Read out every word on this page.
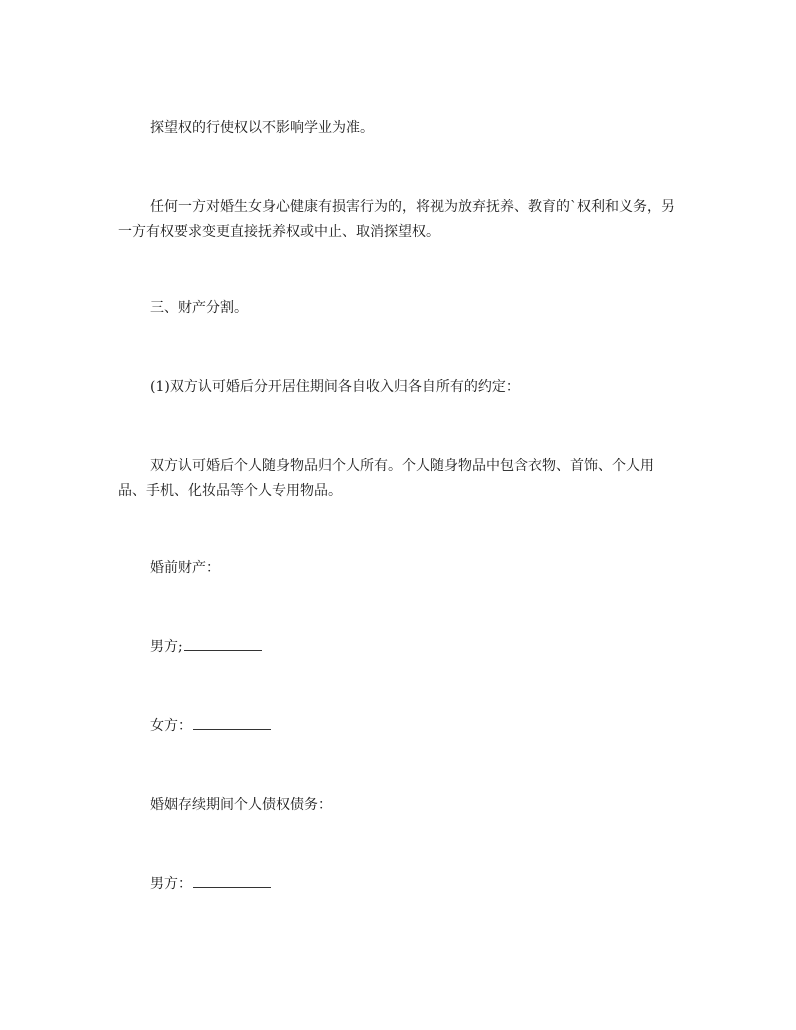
探望权的行使权以不影响学业为准。

任何一方对婚生女身心健康有损害行为的，将视为放弃抚养、教育的`权利和义务，另一方有权要求变更直接抚养权或中止、取消探望权。

三、财产分割。

(1)双方认可婚后分开居住期间各自收入归各自所有的约定：

双方认可婚后个人随身物品归个人所有。个人随身物品中包含衣物、首饰、个人用品、手机、化妆品等个人专用物品。

婚前财产：

男方;

女方：

婚姻存续期间个人债权债务：

男方：
